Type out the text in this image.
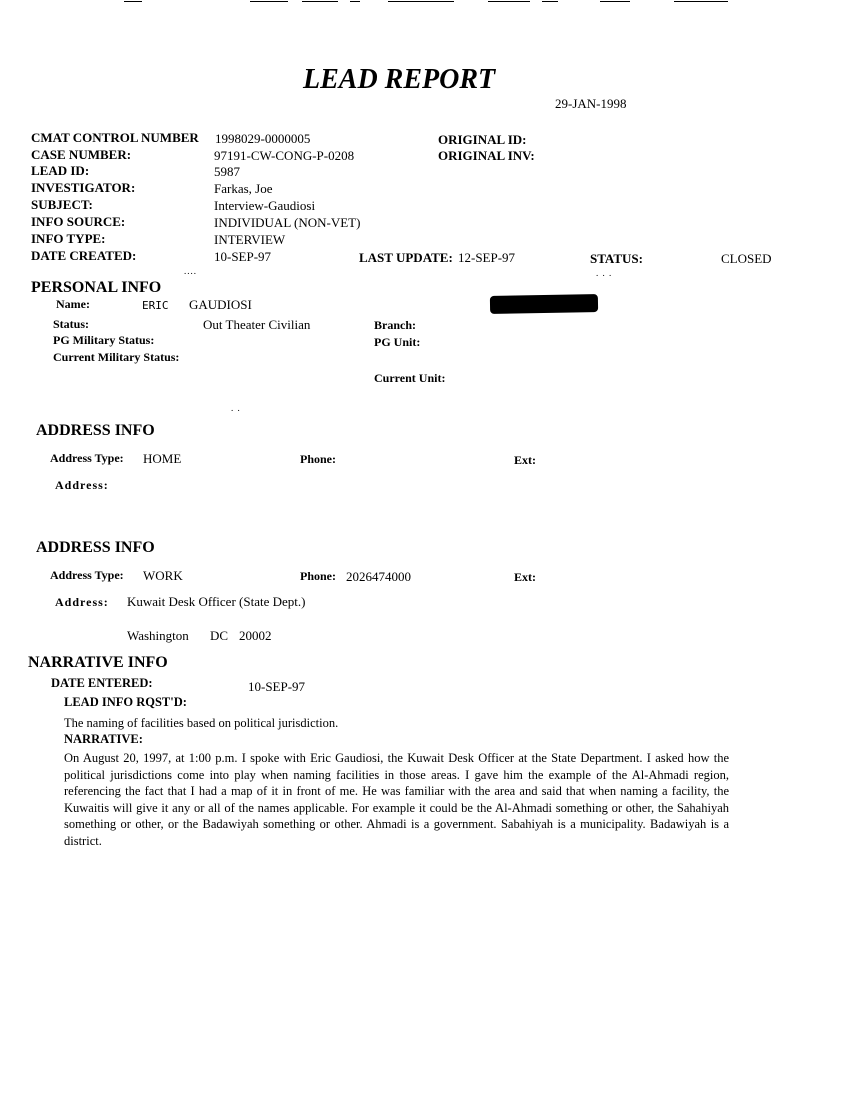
LEAD REPORT
29-JAN-1998
CMAT CONTROL NUMBER 1998029-0000005	ORIGINAL ID:
CASE NUMBER:	97191-CW-CONG-P-0208	ORIGINAL INV:
LEAD ID:	5987
INVESTIGATOR:	Farkas, Joe
SUBJECT:	Interview-Gaudiosi
INFO SOURCE:	INDIVIDUAL (NON-VET)
INFO TYPE:	INTERVIEW
DATE CREATED:	10-SEP-97	LAST UPDATE: 12-SEP-97	STATUS:	CLOSED
....	. . .
PERSONAL INFO
Name:	ERIC GAUDIOSI
Status:	Out Theater Civilian	Branch:
PG Military Status:	PG Unit:
Current Military Status:
Current Unit:
. .
ADDRESS INFO
Address Type: HOME	Phone:	Ext:
Address:
ADDRESS INFO
Address Type: WORK	Phone: 2026474000	Ext:
Address: Kuwait Desk Officer (State Dept.)
Washington DC 20002
NARRATIVE INFO
DATE ENTERED:	10-SEP-97
LEAD INFO RQST'D:
The naming of facilities based on political jurisdiction.
NARRATIVE:
On August 20, 1997, at 1:00 p.m. I spoke with Eric Gaudiosi, the Kuwait Desk Officer at the State Department. I asked how the political jurisdictions come into play when naming facilities in those areas. I gave him the example of the Al-Ahmadi region, referencing the fact that I had a map of it in front of me. He was familiar with the area and said that when naming a facility, the Kuwaitis will give it any or all of the names applicable. For example it could be the Al-Ahmadi something or other, the Sahahiyah something or other, or the Badawiyah something or other. Ahmadi is a government. Sabahiyah is a municipality. Badawiyah is a district.
